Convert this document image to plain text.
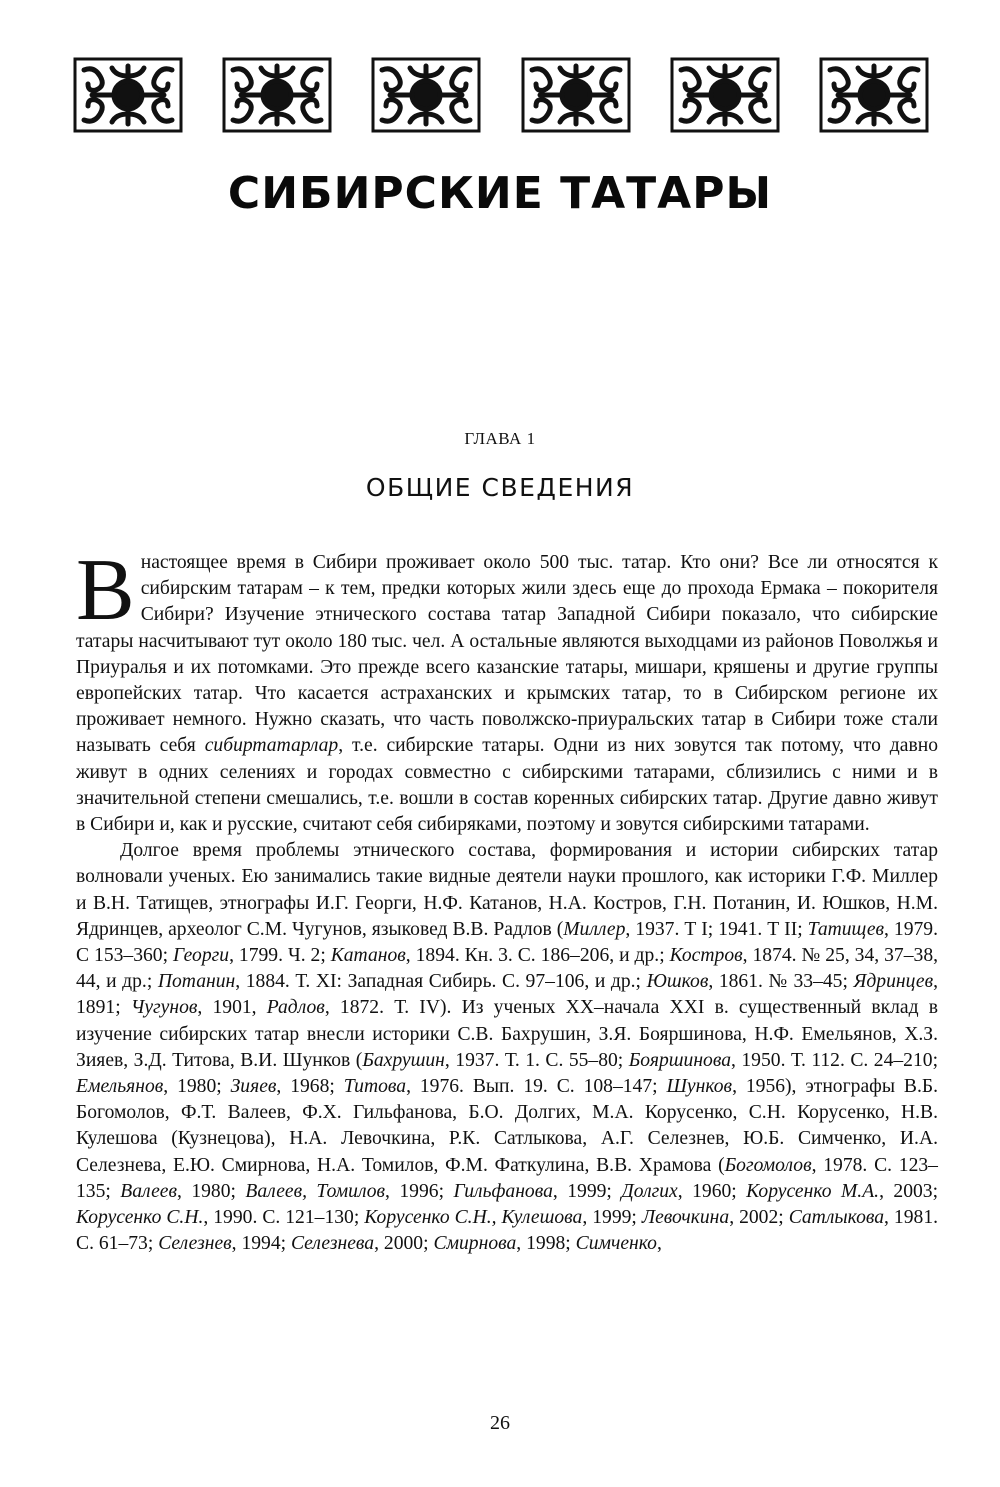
СИБИРСКИЕ ТАТАРЫ
ГЛАВА 1
ОБЩИЕ СВЕДЕНИЯ

Внастоящее время в Сибири проживает около 500 тыс. татар. Кто они? Все ли относятся к сибирским татарам – к тем, предки которых жили здесь еще до прохода Ермака – покорителя Сибири? Изучение этнического состава татар Западной Сибири показало, что сибирские татары насчитывают тут около 180 тыс. чел. А остальные являются выходцами из районов Поволжья и Приуралья и их потомками. Это прежде всего казанские татары, мишари, кряшены и другие группы европейских татар. Что касается астраханских и крымских татар, то в Сибирском регионе их проживает немного. Нужно сказать, что часть поволжско-приуральских татар в Сибири тоже стали называть себя сибиртатарлар, т.е. сибирские татары. Одни из них зовутся так потому, что давно живут в одних селениях и городах совместно с сибирскими татарами, сблизились с ними и в значительной степени смешались, т.е. вошли в состав коренных сибирских татар. Другие давно живут в Сибири и, как и русские, считают себя сибиряками, поэтому и зовутся сибирскими татарами.

Долгое время проблемы этнического состава, формирования и истории сибирских татар волновали ученых. Ею занимались такие видные деятели науки прошлого, как историки Г.Ф. Миллер и В.Н. Татищев, этнографы И.Г. Георги, Н.Ф. Катанов, Н.А. Костров, Г.Н. Потанин, И. Юшков, Н.М. Ядринцев, археолог С.М. Чугунов, языковед В.В. Радлов (Миллер, 1937. Т I; 1941. Т II; Татищев, 1979. С 153–360; Георги, 1799. Ч. 2; Катанов, 1894. Кн. 3. С. 186–206, и др.; Костров, 1874. № 25, 34, 37–38, 44, и др.; Потанин, 1884. Т. XI: Западная Сибирь. С. 97–106, и др.; Юшков, 1861. № 33–45; Ядринцев, 1891; Чугунов, 1901, Радлов, 1872. Т. IV). Из ученых XX–начала XXI в. существенный вклад в изучение сибирских татар внесли историки С.В. Бахрушин, З.Я. Бояршинова, Н.Ф. Емельянов, Х.З. Зияев, З.Д. Титова, В.И. Шунков (Бахрушин, 1937. Т. 1. С. 55–80; Бояршинова, 1950. Т. 112. С. 24–210; Емельянов, 1980; Зияев, 1968; Титова, 1976. Вып. 19. С. 108–147; Шунков, 1956), этнографы В.Б. Богомолов, Ф.Т. Валеев, Ф.Х. Гильфанова, Б.О. Долгих, М.А. Корусенко, С.Н. Корусенко, Н.В. Кулешова (Кузнецова), Н.А. Левочкина, Р.К. Сатлыкова, А.Г. Селезнев, Ю.Б. Симченко, И.А. Селезнева, Е.Ю. Смирнова, Н.А. Томилов, Ф.М. Фаткулина, В.В. Храмова (Богомолов, 1978. С. 123–135; Валеев, 1980; Валеев, Томилов, 1996; Гильфанова, 1999; Долгих, 1960; Корусенко М.А., 2003; Корусенко С.Н., 1990. С. 121–130; Корусенко С.Н., Кулешова, 1999; Левочкина, 2002; Сатлыкова, 1981. С. 61–73; Селезнев, 1994; Селезнева, 2000; Смирнова, 1998; Симченко,

26
